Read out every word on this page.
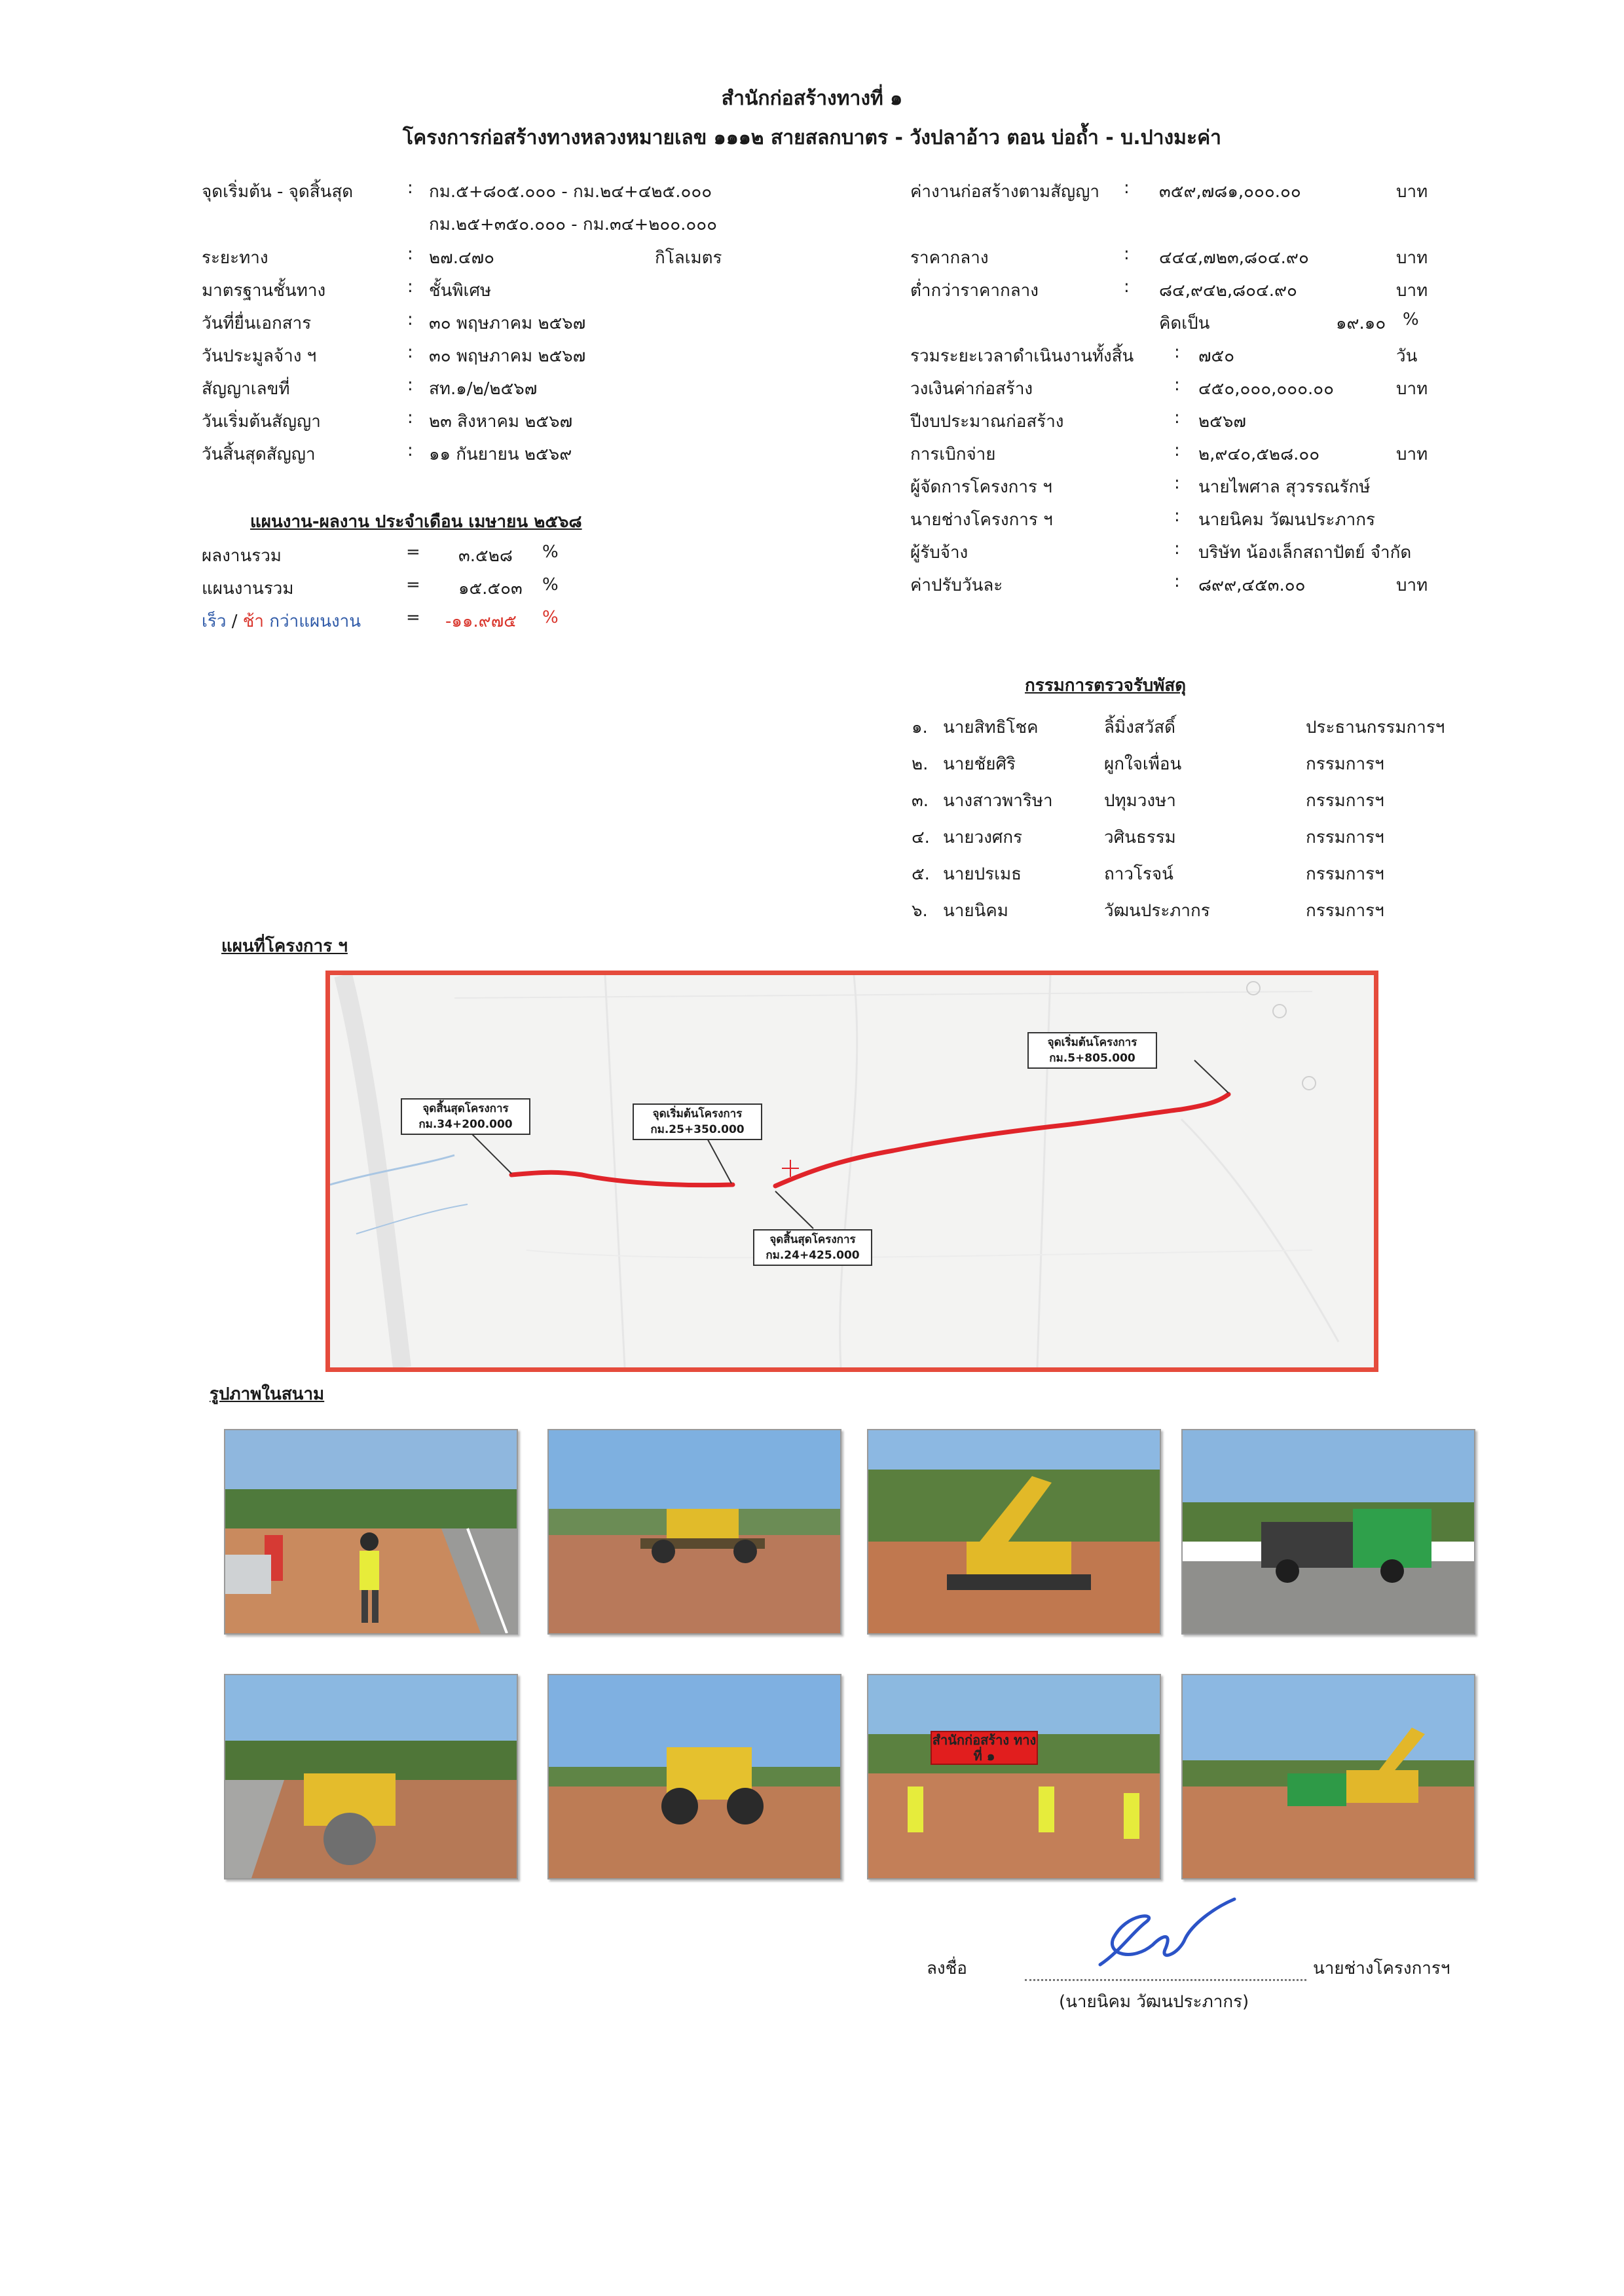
สำนักก่อสร้างทางที่ ๑
โครงการก่อสร้างทางหลวงหมายเลข ๑๑๑๒ สายสลกบาตร - วังปลาอ้าว ตอน บ่อถ้ำ - บ.ปางมะค่า
จุดเริ่มต้น - จุดสิ้นสุด	: กม.๕+๘๐๕.๐๐๐ - กม.๒๔+๔๒๕.๐๐๐
กม.๒๕+๓๕๐.๐๐๐ - กม.๓๔+๒๐๐.๐๐๐
ระยะทาง	: ๒๗.๔๗๐	กิโลเมตร
มาตรฐานชั้นทาง	: ชั้นพิเศษ
วันที่ยื่นเอกสาร	: ๓๐ พฤษภาคม ๒๕๖๗
วันประมูลจ้าง ฯ	: ๓๐ พฤษภาคม ๒๕๖๗
สัญญาเลขที่	: สท.๑/๒/๒๕๖๗
วันเริ่มต้นสัญญา	: ๒๓ สิงหาคม ๒๕๖๗
วันสิ้นสุดสัญญา	: ๑๑ กันยายน ๒๕๖๙
แผนงาน-ผลงาน ประจำเดือน เมษายน ๒๕๖๘
ผลงานรวม	= ๓.๕๒๘ %
แผนงานรวม	= ๑๕.๕๐๓ %
เร็ว / ช้า กว่าแผนงาน	= -๑๑.๙๗๕ %
ค่างานก่อสร้างตามสัญญา : ๓๕๙,๗๘๑,๐๐๐.๐๐	บาท
ราคากลาง	: ๔๔๔,๗๒๓,๘๐๔.๙๐	บาท
ต่ำกว่าราคากลาง	: ๘๔,๙๔๒,๘๐๔.๙๐	บาท
คิดเป็น	๑๙.๑๐ %
รวมระยะเวลาดำเนินงานทั้งสิ้น : ๗๕๐	วัน
วงเงินค่าก่อสร้าง	: ๔๕๐,๐๐๐,๐๐๐.๐๐	บาท
ปีงบประมาณก่อสร้าง	: ๒๕๖๗
การเบิกจ่าย	: ๒,๙๔๐,๕๒๘.๐๐	บาท
ผู้จัดการโครงการ ฯ	: นายไพศาล สุวรรณรักษ์
นายช่างโครงการ ฯ	: นายนิคม วัฒนประภากร
ผู้รับจ้าง	: บริษัท น้องเล็กสถาปัตย์ จำกัด
ค่าปรับวันละ	: ๘๙๙,๔๕๓.๐๐	บาท
กรรมการตรวจรับพัสดุ
๑. นายสิทธิโชค	ลิ้มิ่งสวัสดิ์	ประธานกรรมการฯ
๒. นายชัยศิริ	ผูกใจเพื่อน	กรรมการฯ
๓. นางสาวพาริษา	ปทุมวงษา	กรรมการฯ
๔. นายวงศกร	วศินธรรม	กรรมการฯ
๕. นายปรเมธ	ถาวโรจน์	กรรมการฯ
๖. นายนิคม	วัฒนประภากร	กรรมการฯ
แผนที่โครงการ ฯ
จุดสิ้นสุดโครงการ
กม.34+200.000
จุดเริ่มต้นโครงการ
กม.25+350.000
จุดสิ้นสุดโครงการ
กม.24+425.000
จุดเริ่มต้นโครงการ
กม.5+805.000
รูปภาพในสนาม
สำนักก่อสร้าง ทางที่ ๑
ลงชื่อ	นายช่างโครงการฯ
(นายนิคม วัฒนประภากร)
